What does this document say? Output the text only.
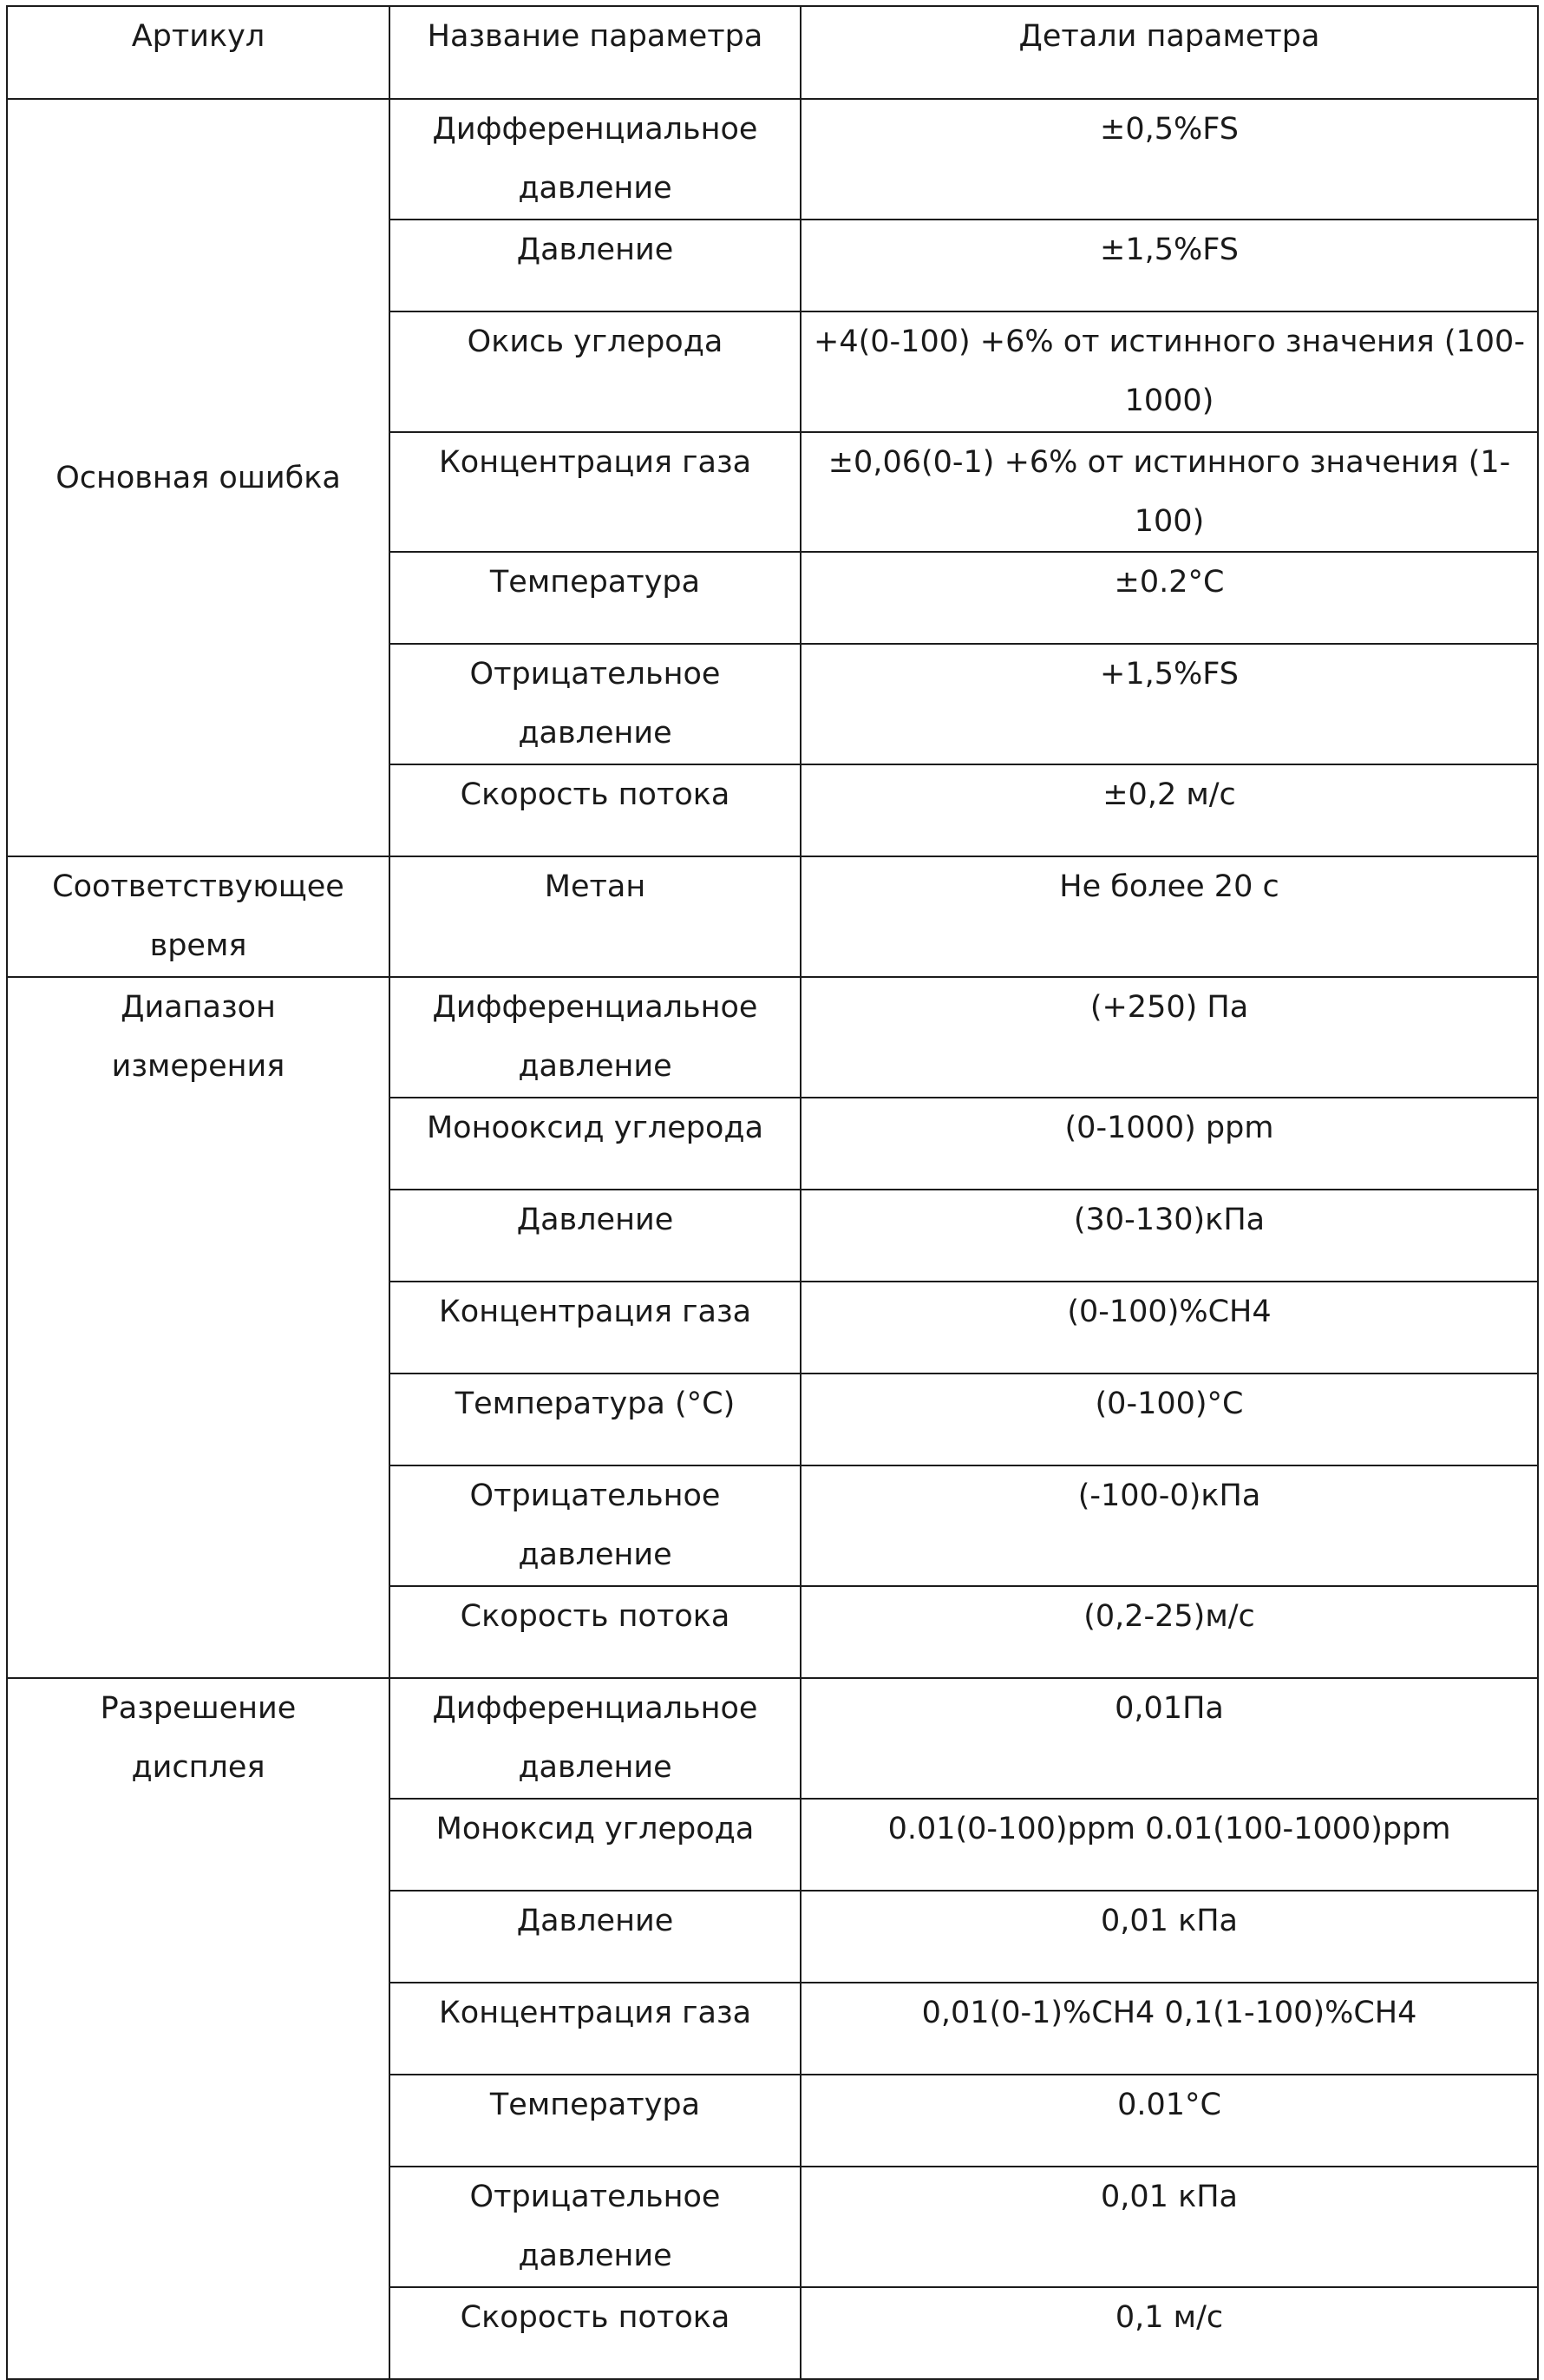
Артикул	Название параметра	Детали параметра
Основная ошибка	Дифференциальное давление	±0,5%FS
	Давление	±1,5%FS
	Окись углерода	+4(0-100) +6% от истинного значения (100-1000)
	Концентрация газа	±0,06(0-1) +6% от истинного значения (1-100)
	Температура	±0.2°С
	Отрицательное давление	+1,5%FS
	Скорость потока	±0,2 м/с
Соответствующее время	Метан	Не более 20 с
Диапазон измерения	Дифференциальное давление	(+250) Па
	Монооксид углерода	(0-1000) ppm
	Давление	(30-130)кПа
	Концентрация газа	(0-100)%CH4
	Температура (°C)	(0-100)°С
	Отрицательное давление	(-100-0)кПа
	Скорость потока	(0,2-25)м/с
Разрешение дисплея	Дифференциальное давление	0,01Па
	Моноксид углерода	0.01(0-100)ppm 0.01(100-1000)ppm
	Давление	0,01 кПа
	Концентрация газа	0,01(0-1)%CH4 0,1(1-100)%CH4
	Температура	0.01°C
	Отрицательное давление	0,01 кПа
	Скорость потока	0,1 м/с
